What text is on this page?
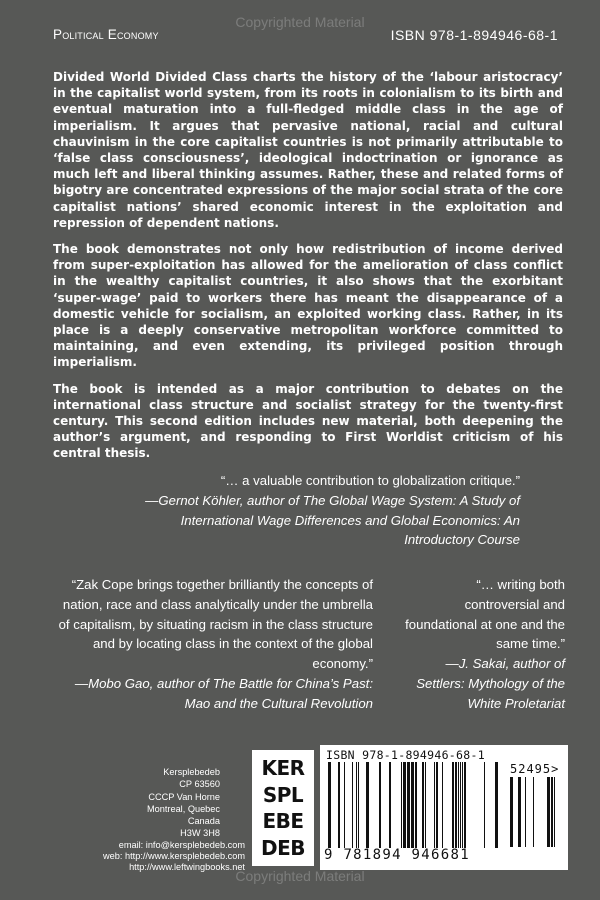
Copyrighted Material
Political Economy	ISBN 978-1-894946-68-1

Divided World Divided Class charts the history of the ‘labour aristocracy’ in the capitalist world system, from its roots in colonialism to its birth and eventual maturation into a full-fledged middle class in the age of imperialism. It argues that pervasive national, racial and cultural chauvinism in the core capitalist countries is not primarily attributable to ‘false class consciousness’, ideological indoctrination or ignorance as much left and liberal thinking assumes. Rather, these and related forms of bigotry are concentrated expressions of the major social strata of the core capitalist nations’ shared economic interest in the exploitation and repression of dependent nations.

The book demonstrates not only how redistribution of income derived from super-exploitation has allowed for the amelioration of class conflict in the wealthy capitalist countries, it also shows that the exorbitant ‘super-wage’ paid to workers there has meant the disappearance of a domestic vehicle for socialism, an exploited working class. Rather, in its place is a deeply conservative metropolitan workforce committed to maintaining, and even extending, its privileged position through imperialism.

The book is intended as a major contribution to debates on the international class structure and socialist strategy for the twenty-first century. This second edition includes new material, both deepening the author’s argument, and responding to First Worldist criticism of his central thesis.

“… a valuable contribution to globalization critique.”
—Gernot Köhler, author of The Global Wage System: A Study of International Wage Differences and Global Economics: An Introductory Course
“Zak Cope brings together brilliantly the concepts of nation, race and class analytically under the umbrella of capitalism, by situating racism in the class structure and by locating class in the context of the global economy.”
—Mobo Gao, author of The Battle for China’s Past: Mao and the Cultural Revolution
“… writing both controversial and foundational at one and the same time.”
—J. Sakai, author of Settlers: Mythology of the White Proletariat
Kersplebedeb
CP 63560
CCCP Van Horne
Montreal, Quebec
Canada
H3W 3H8
email: info@kersplebedeb.com
web: http://www.kersplebedeb.com
http://www.leftwingbooks.net
KER
SPL
EBE
DEB
ISBN 978-1-894946-68-1
52495>
9 781894 946681
Copyrighted Material
